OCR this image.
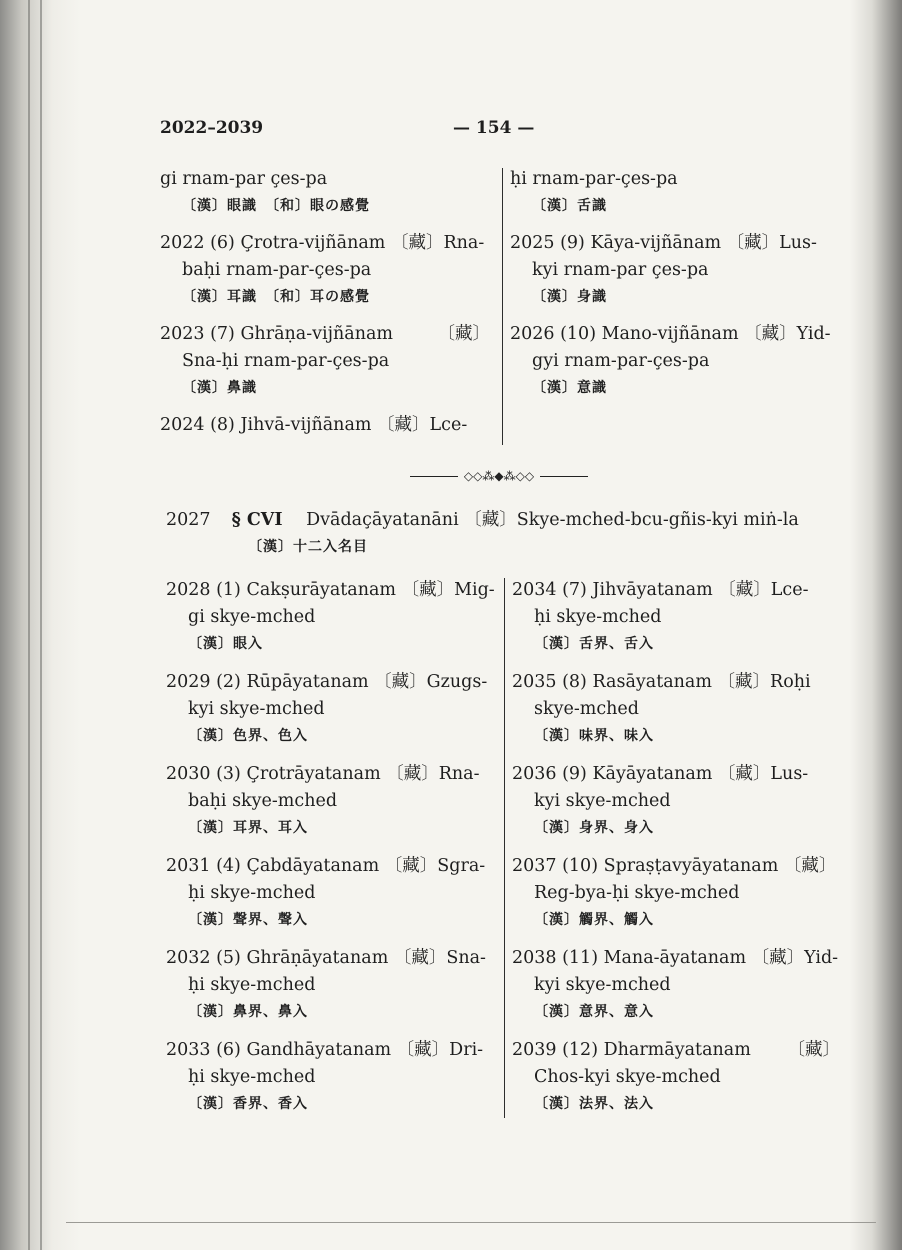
2022–2039	— 154 —
gi rnam-par çes-pa
〔漢〕眼識　〔和〕眼の感覺
2022 (6) Çrotra-vijñānam 〔藏〕Rna-
baḥi rnam-par-çes-pa
〔漢〕耳識　〔和〕耳の感覺
〔藏〕
2023 (7) Ghrāṇa-vijñānam
Sna-ḥi rnam-par-çes-pa
〔漢〕鼻識
2024 (8) Jihvā-vijñānam 〔藏〕Lce-
ḥi rnam-par-çes-pa
〔漢〕舌識
2025 (9) Kāya-vijñānam 〔藏〕Lus-
kyi rnam-par çes-pa
〔漢〕身識
2026 (10) Mano-vijñānam 〔藏〕Yid-
gyi rnam-par-çes-pa
〔漢〕意識
◇◇⁂◆⁂◇◇
2027 § CVI Dvādaçāyatanāni 〔藏〕Skye-mched-bcu-gñis-kyi miṅ-la
〔漢〕十二入名目
2028 (1) Cakṣurāyatanam 〔藏〕Mig-
gi skye-mched
〔漢〕眼入
2029 (2) Rūpāyatanam 〔藏〕Gzugs-
kyi skye-mched
〔漢〕色界、色入
2030 (3) Çrotrāyatanam 〔藏〕Rna-
baḥi skye-mched
〔漢〕耳界、耳入
2031 (4) Çabdāyatanam 〔藏〕Sgra-
ḥi skye-mched
〔漢〕聲界、聲入
2032 (5) Ghrāṇāyatanam 〔藏〕Sna-
ḥi skye-mched
〔漢〕鼻界、鼻入
2033 (6) Gandhāyatanam 〔藏〕Dri-
ḥi skye-mched
〔漢〕香界、香入
2034 (7) Jihvāyatanam 〔藏〕Lce-
ḥi skye-mched
〔漢〕舌界、舌入
2035 (8) Rasāyatanam 〔藏〕Roḥi
skye-mched
〔漢〕味界、味入
2036 (9) Kāyāyatanam 〔藏〕Lus-
kyi skye-mched
〔漢〕身界、身入
2037 (10) Spraṣṭavyāyatanam 〔藏〕
Reg-bya-ḥi skye-mched
〔漢〕觸界、觸入
2038 (11) Mana-āyatanam 〔藏〕Yid-
kyi skye-mched
〔漢〕意界、意入
〔藏〕
2039 (12) Dharmāyatanam
Chos-kyi skye-mched
〔漢〕法界、法入
